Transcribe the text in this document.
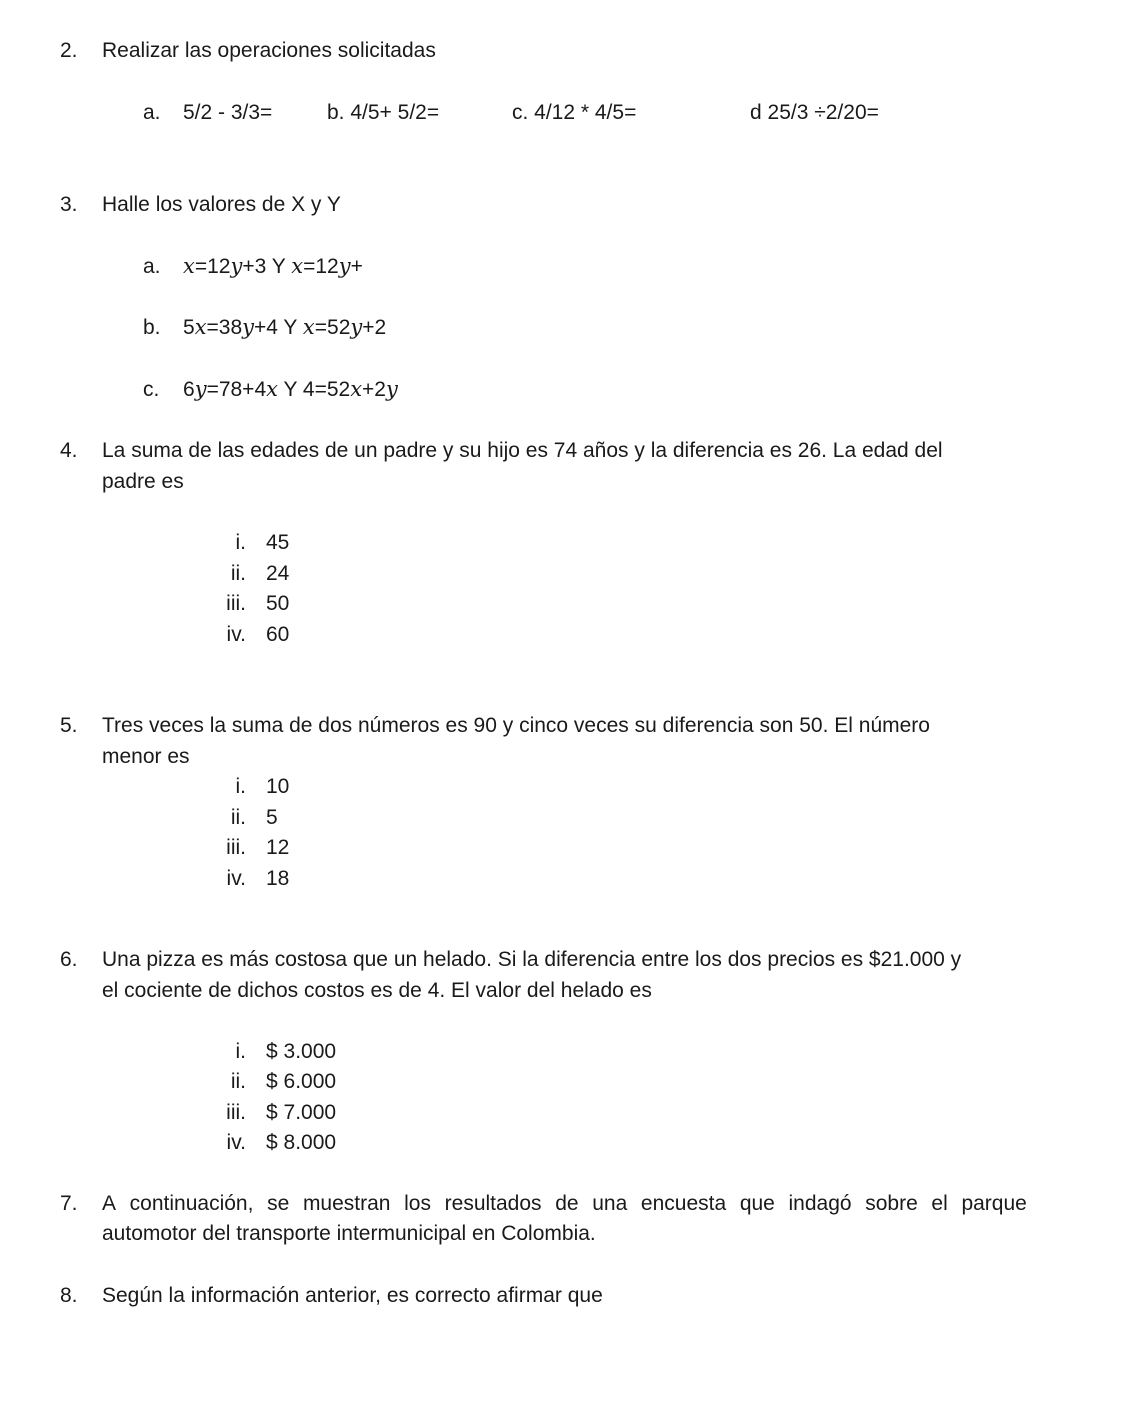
2. Realizar las operaciones solicitadas
a. 5/2 - 3/3=	b. 4/5+ 5/2=	c. 4/12 * 4/5=	d 25/3 ÷2/20=
3. Halle los valores de X y Y
a. x=12y+3 Y x=12y+
b. 5x=38y+4 Y x=52y+2
c. 6y=78+4x Y 4=52x+2y
4. La suma de las edades de un padre y su hijo es 74 años y la diferencia es 26. La edad del
padre es
i. 45
ii. 24
iii. 50
iv. 60
5. Tres veces la suma de dos números es 90 y cinco veces su diferencia son 50. El número
menor es
i. 10
ii. 5
iii. 12
iv. 18
6. Una pizza es más costosa que un helado. Si la diferencia entre los dos precios es $21.000 y
el cociente de dichos costos es de 4. El valor del helado es
i. $ 3.000
ii. $ 6.000
iii. $ 7.000
iv. $ 8.000
7. A continuación, se muestran los resultados de una encuesta que indagó sobre el parque
automotor del transporte intermunicipal en Colombia.
8. Según la información anterior, es correcto afirmar que
